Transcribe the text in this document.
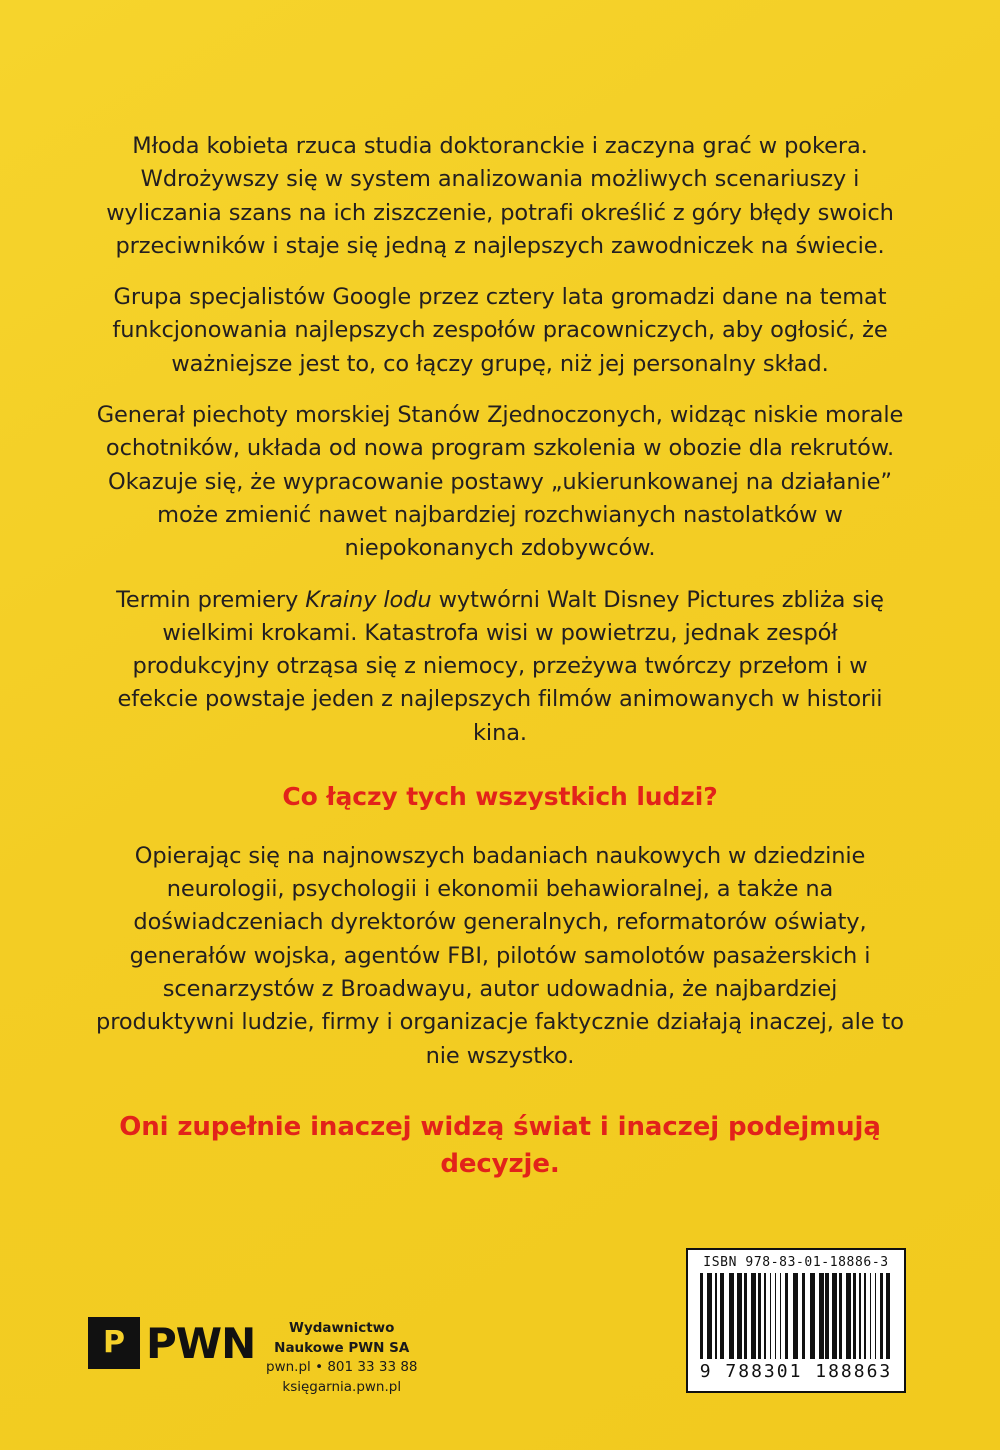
Młoda kobieta rzuca studia doktoranckie i zaczyna grać w pokera. Wdrożywszy się w system analizowania możliwych scenariuszy i wyliczania szans na ich ziszczenie, potrafi określić z góry błędy swoich przeciwników i staje się jedną z najlepszych zawodniczek na świecie.

Grupa specjalistów Google przez cztery lata gromadzi dane na temat funkcjonowania najlepszych zespołów pracowniczych, aby ogłosić, że ważniejsze jest to, co łączy grupę, niż jej personalny skład.

Generał piechoty morskiej Stanów Zjednoczonych, widząc niskie morale ochotników, układa od nowa program szkolenia w obozie dla rekrutów. Okazuje się, że wypracowanie postawy „ukierunkowanej na działanie” może zmienić nawet najbardziej rozchwianych nastolatków w niepokonanych zdobywców.

Termin premiery Krainy lodu wytwórni Walt Disney Pictures zbliża się wielkimi krokami. Katastrofa wisi w powietrzu, jednak zespół produkcyjny otrząsa się z niemocy, przeżywa twórczy przełom i w efekcie powstaje jeden z najlepszych filmów animowanych w historii kina.

Co łączy tych wszystkich ludzi?

Opierając się na najnowszych badaniach naukowych w dziedzinie neurologii, psychologii i ekonomii behawioralnej, a także na doświadczeniach dyrektorów generalnych, reformatorów oświaty, generałów wojska, agentów FBI, pilotów samolotów pasażerskich i scenarzystów z Broadwayu, autor udowadnia, że najbardziej produktywni ludzie, firmy i organizacje faktycznie działają inaczej, ale to nie wszystko.

Oni zupełnie inaczej widzą świat i inaczej podejmują decyzje.

P PWN	Wydawnictwo
Naukowe PWN SA
pwn.pl • 801 33 33 88
księgarnia.pwn.pl
ISBN 978-83-01-18886-3
9 788301 188863
